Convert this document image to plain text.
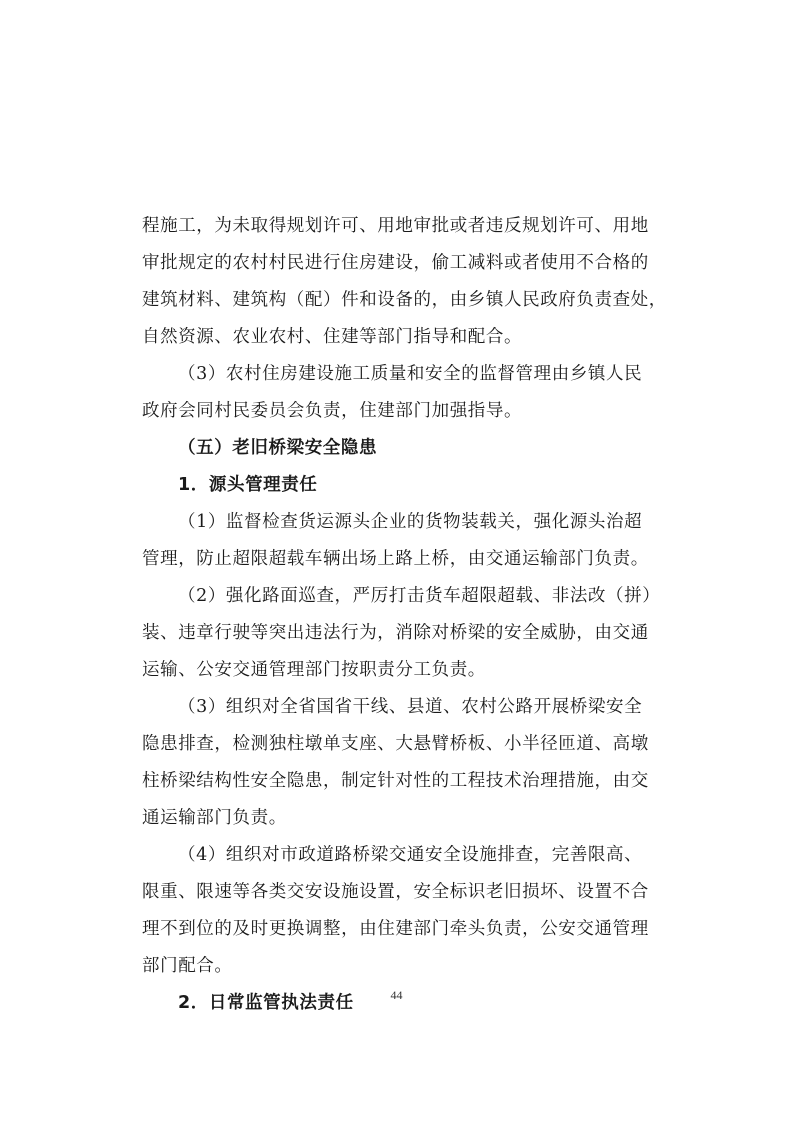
程施工，为未取得规划许可、用地审批或者违反规划许可、用地
审批规定的农村村民进行住房建设，偷工减料或者使用不合格的
建筑材料、建筑构（配）件和设备的，由乡镇人民政府负责查处，
自然资源、农业农村、住建等部门指导和配合。
（3）农村住房建设施工质量和安全的监督管理由乡镇人民
政府会同村民委员会负责，住建部门加强指导。
（五）老旧桥梁安全隐患
1．源头管理责任
（1）监督检查货运源头企业的货物装载关，强化源头治超
管理，防止超限超载车辆出场上路上桥，由交通运输部门负责。
（2）强化路面巡查，严厉打击货车超限超载、非法改（拼）
装、违章行驶等突出违法行为，消除对桥梁的安全威胁，由交通
运输、公安交通管理部门按职责分工负责。
（3）组织对全省国省干线、县道、农村公路开展桥梁安全
隐患排查，检测独柱墩单支座、大悬臂桥板、小半径匝道、高墩
柱桥梁结构性安全隐患，制定针对性的工程技术治理措施，由交
通运输部门负责。
（4）组织对市政道路桥梁交通安全设施排查，完善限高、
限重、限速等各类交安设施设置，安全标识老旧损坏、设置不合
理不到位的及时更换调整，由住建部门牵头负责，公安交通管理
部门配合。
2．日常监管执法责任	44
